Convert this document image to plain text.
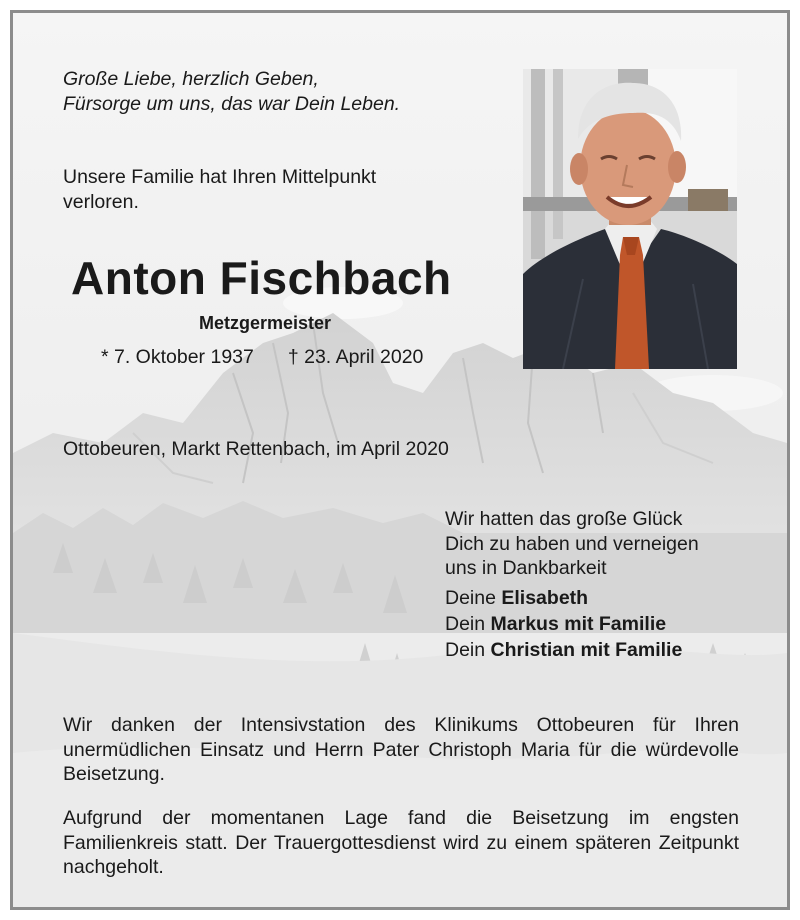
Große Liebe, herzlich Geben,
Fürsorge um uns, das war Dein Leben.
Unsere Familie hat Ihren Mittelpunkt
verloren.
Anton Fischbach
Metzgermeister
* 7. Oktober 1937 † 23. April 2020
Ottobeuren, Markt Rettenbach, im April 2020
Wir hatten das große Glück
Dich zu haben und verneigen
uns in Dankbarkeit
Deine Elisabeth
Dein Markus mit Familie
Dein Christian mit Familie
Wir danken der Intensivstation des Klinikums Ottobeuren für Ihren unermüdlichen Einsatz und Herrn Pater Christoph Maria für die würdevolle Beisetzung.
Aufgrund der momentanen Lage fand die Beisetzung im engsten Familienkreis statt. Der Trauergottesdienst wird zu einem späteren Zeitpunkt nachgeholt.
